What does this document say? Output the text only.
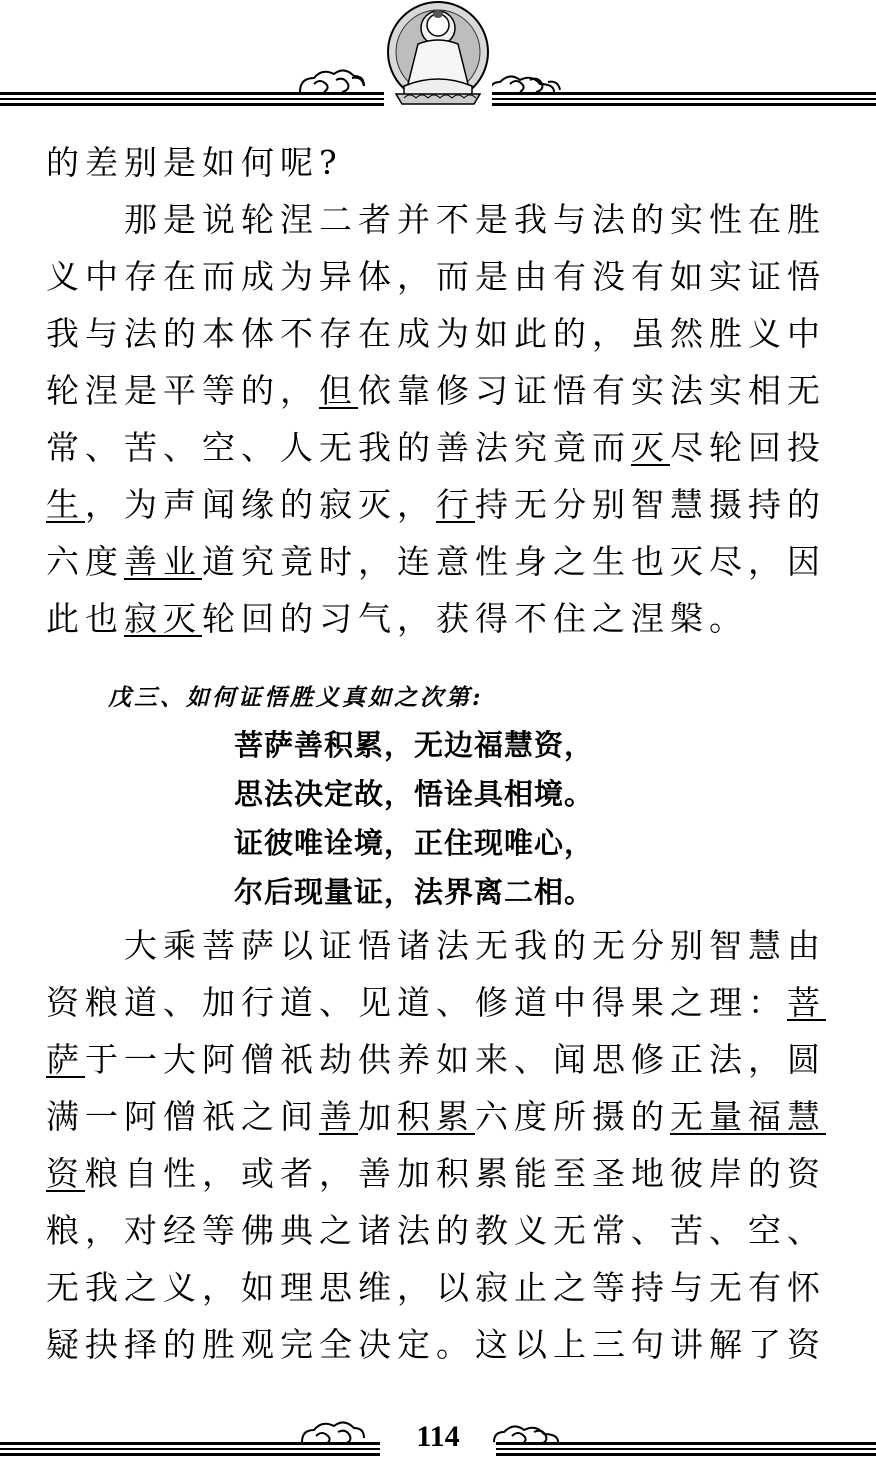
的差别是如何呢?
那是说轮涅二者并不是我与法的实性在胜
义中存在而成为异体，而是由有没有如实证悟
我与法的本体不存在成为如此的，虽然胜义中
轮涅是平等的，但依靠修习证悟有实法实相无
常、苦、空、人无我的善法究竟而灭尽轮回投
生，为声闻缘的寂灭，行持无分别智慧摄持的
六度善业道究竟时，连意性身之生也灭尽，因
此也寂灭轮回的习气，获得不住之涅槃。
戊三、如何证悟胜义真如之次第:
菩萨善积累，无边福慧资，
思法决定故，悟诠具相境。
证彼唯诠境，正住现唯心，
尔后现量证，法界离二相。
大乘菩萨以证悟诸法无我的无分别智慧由
资粮道、加行道、见道、修道中得果之理：菩
萨于一大阿僧祇劫供养如来、闻思修正法，圆
满一阿僧祇之间善加积累六度所摄的无量福慧
资粮自性，或者，善加积累能至圣地彼岸的资
粮，对经等佛典之诸法的教义无常、苦、空、
无我之义，如理思维，以寂止之等持与无有怀
疑抉择的胜观完全决定。这以上三句讲解了资
114
